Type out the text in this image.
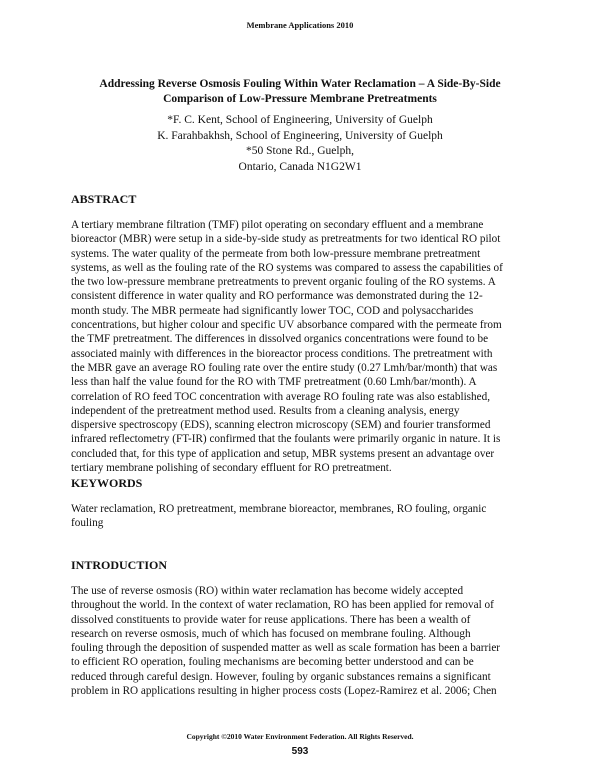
Membrane Applications 2010
Addressing Reverse Osmosis Fouling Within Water Reclamation – A Side-By-Side
Comparison of Low-Pressure Membrane Pretreatments
*F. C. Kent, School of Engineering, University of Guelph
K. Farahbakhsh, School of Engineering, University of Guelph
*50 Stone Rd., Guelph,
Ontario, Canada N1G2W1
ABSTRACT
A tertiary membrane filtration (TMF) pilot operating on secondary effluent and a membrane
bioreactor (MBR) were setup in a side-by-side study as pretreatments for two identical RO pilot
systems. The water quality of the permeate from both low-pressure membrane pretreatment
systems, as well as the fouling rate of the RO systems was compared to assess the capabilities of
the two low-pressure membrane pretreatments to prevent organic fouling of the RO systems. A
consistent difference in water quality and RO performance was demonstrated during the 12-
month study. The MBR permeate had significantly lower TOC, COD and polysaccharides
concentrations, but higher colour and specific UV absorbance compared with the permeate from
the TMF pretreatment. The differences in dissolved organics concentrations were found to be
associated mainly with differences in the bioreactor process conditions. The pretreatment with
the MBR gave an average RO fouling rate over the entire study (0.27 Lmh/bar/month) that was
less than half the value found for the RO with TMF pretreatment (0.60 Lmh/bar/month). A
correlation of RO feed TOC concentration with average RO fouling rate was also established,
independent of the pretreatment method used. Results from a cleaning analysis, energy
dispersive spectroscopy (EDS), scanning electron microscopy (SEM) and fourier transformed
infrared reflectometry (FT-IR) confirmed that the foulants were primarily organic in nature. It is
concluded that, for this type of application and setup, MBR systems present an advantage over
tertiary membrane polishing of secondary effluent for RO pretreatment.
KEYWORDS
Water reclamation, RO pretreatment, membrane bioreactor, membranes, RO fouling, organic
fouling
INTRODUCTION
The use of reverse osmosis (RO) within water reclamation has become widely accepted
throughout the world. In the context of water reclamation, RO has been applied for removal of
dissolved constituents to provide water for reuse applications. There has been a wealth of
research on reverse osmosis, much of which has focused on membrane fouling. Although
fouling through the deposition of suspended matter as well as scale formation has been a barrier
to efficient RO operation, fouling mechanisms are becoming better understood and can be
reduced through careful design. However, fouling by organic substances remains a significant
problem in RO applications resulting in higher process costs (Lopez-Ramirez et al. 2006; Chen
Copyright ©2010 Water Environment Federation. All Rights Reserved.
593
